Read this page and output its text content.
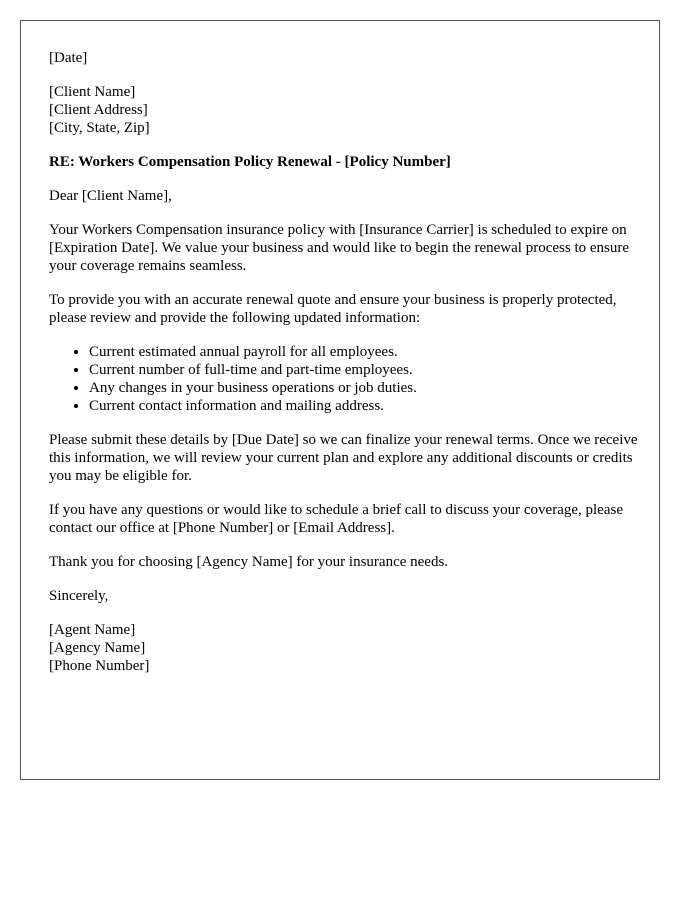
[Date]

[Client Name]
[Client Address]
[City, State, Zip]

RE: Workers Compensation Policy Renewal - [Policy Number]

Dear [Client Name],

Your Workers Compensation insurance policy with [Insurance Carrier] is scheduled to expire on [Expiration Date]. We value your business and would like to begin the renewal process to ensure your coverage remains seamless.

To provide you with an accurate renewal quote and ensure your business is properly protected, please review and provide the following updated information:

• Current estimated annual payroll for all employees.
• Current number of full-time and part-time employees.
• Any changes in your business operations or job duties.
• Current contact information and mailing address.

Please submit these details by [Due Date] so we can finalize your renewal terms. Once we receive this information, we will review your current plan and explore any additional discounts or credits you may be eligible for.

If you have any questions or would like to schedule a brief call to discuss your coverage, please contact our office at [Phone Number] or [Email Address].

Thank you for choosing [Agency Name] for your insurance needs.

Sincerely,

[Agent Name]
[Agency Name]
[Phone Number]
